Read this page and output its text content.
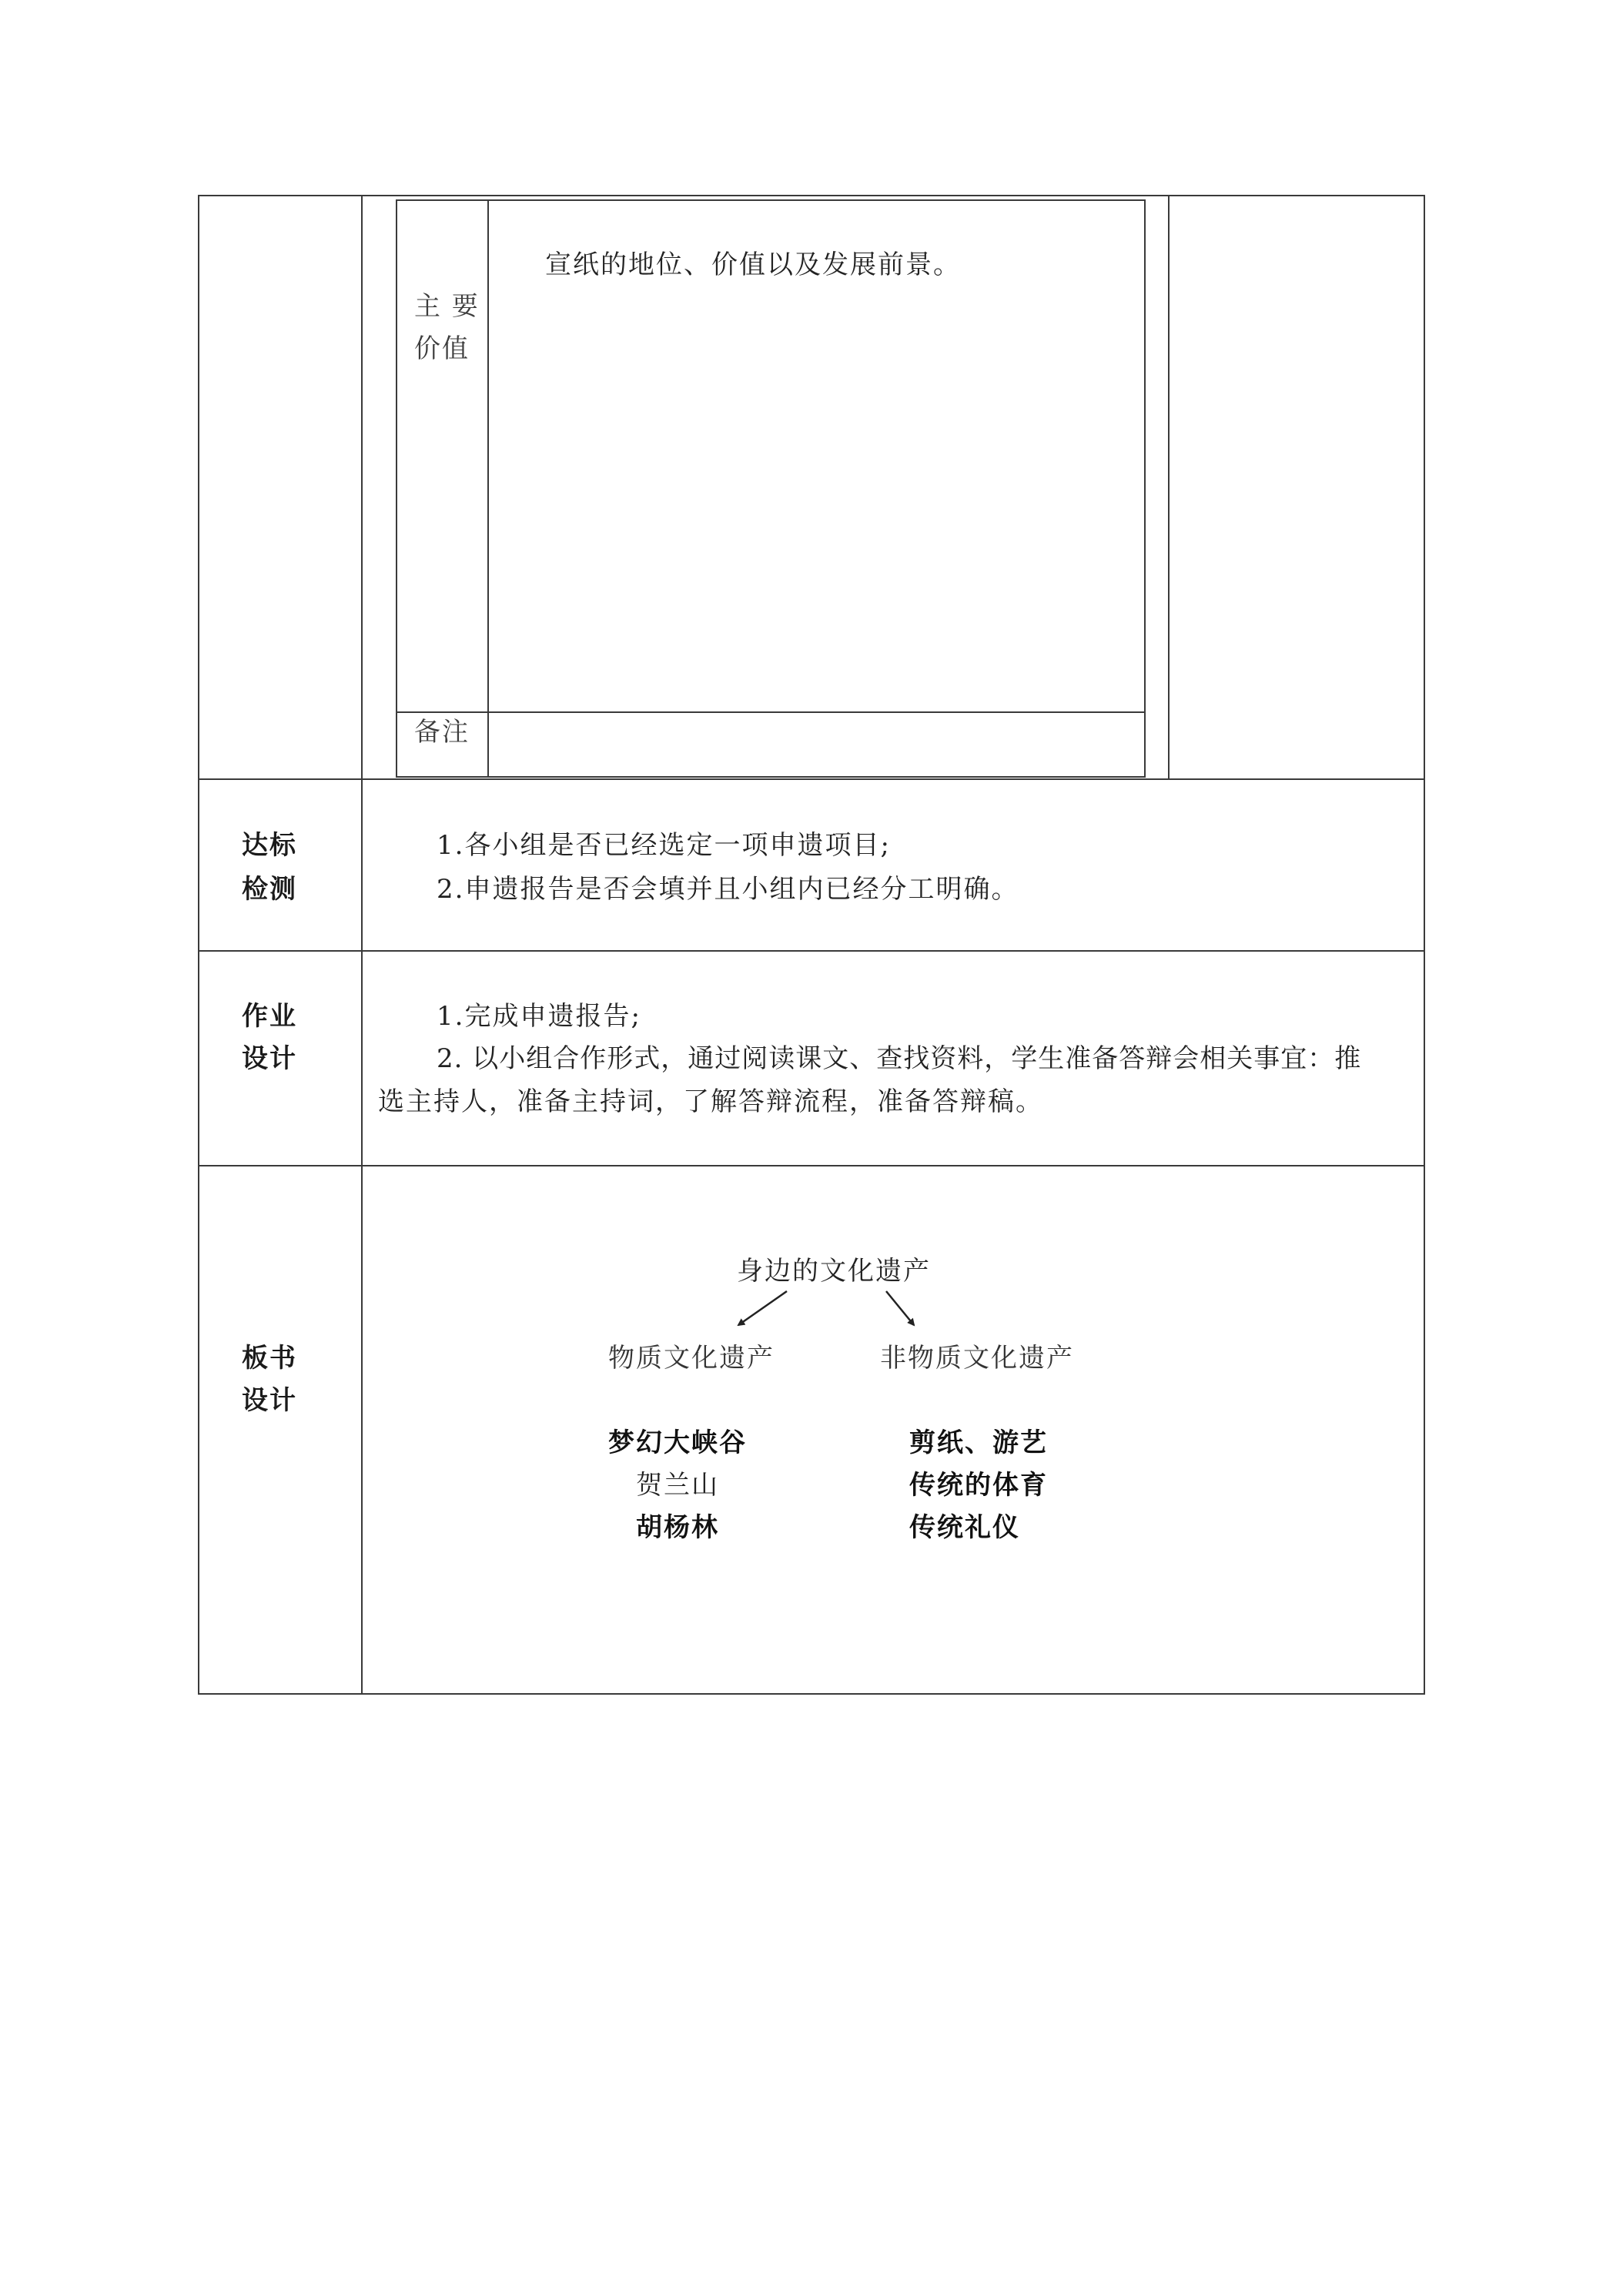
主 要
价值
宣纸的地位、价值以及发展前景。
备注
达标
检测
1.各小组是否已经选定一项申遗项目;
2.申遗报告是否会填并且小组内已经分工明确。
作业
设计
1.完成申遗报告;
2. 以小组合作形式，通过阅读课文、查找资料，学生准备答辩会相关事宜：推
选主持人，准备主持词，了解答辩流程，准备答辩稿。
板书
设计
身边的文化遗产
物质文化遗产	非物质文化遗产
梦幻大峡谷
贺兰山
胡杨林
剪纸、游艺
传统的体育
传统礼仪
